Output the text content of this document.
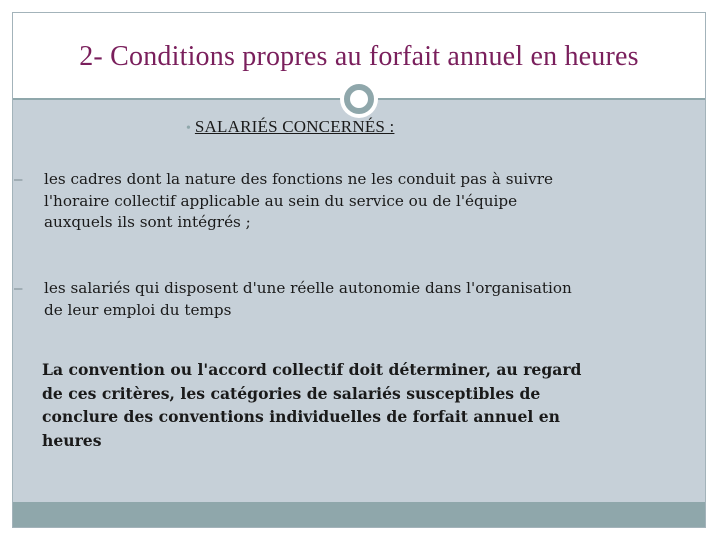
2- Conditions propres au forfait annuel en heures
• SALARIÉS CONCERNÉS :
– les cadres dont la nature des fonctions ne les conduit pas à suivre
l'horaire collectif applicable au sein du service ou de l'équipe
auxquels ils sont intégrés ;
– les salariés qui disposent d'une réelle autonomie dans l'organisation
de leur emploi du temps
La convention ou l'accord collectif doit déterminer, au regard
de ces critères, les catégories de salariés susceptibles de
conclure des conventions individuelles de forfait annuel en
heures
